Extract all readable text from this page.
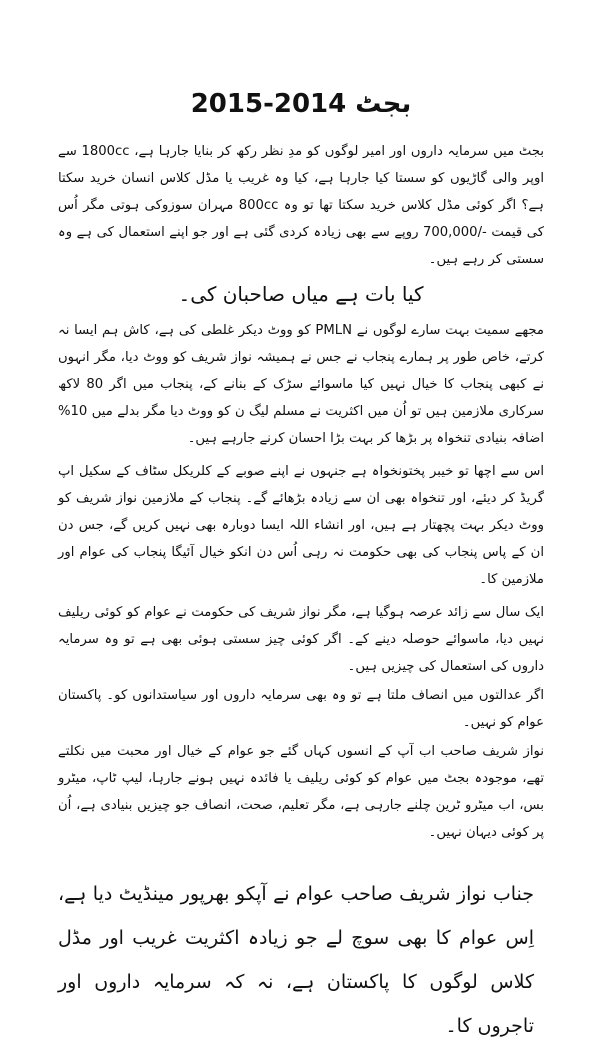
بجٹ 2014-2015

بجٹ میں سرمایہ داروں اور امیر لوگوں کو مدِ نظر رکھ کر بنایا جارہا ہے، 1800cc سے اوپر والی گاڑیوں کو سستا کیا جارہا ہے، کیا وہ غریب یا مڈل کلاس انسان خرید سکتا ہے؟ اگر کوئی مڈل کلاس خرید سکتا تھا تو وہ 800cc مہران سوزوکی ہوتی مگر اُس کی قیمت -/700,000 روپے سے بھی زیادہ کردی گئی ہے اور جو اپنے استعمال کی ہے وہ سستی کر رہے ہیں۔

کیا بات ہے میاں صاحبان کی۔

مجھے سمیت بہت سارے لوگوں نے PMLN کو ووٹ دیکر غلطی کی ہے، کاش ہم ایسا نہ کرتے، خاص طور پر ہمارے پنجاب نے جس نے ہمیشہ نواز شریف کو ووٹ دیا، مگر انہوں نے کبھی پنجاب کا خیال نہیں کیا ماسوائے سڑک کے بنانے کے، پنجاب میں اگر 80 لاکھ سرکاری ملازمین ہیں تو اُن میں اکثریت نے مسلم لیگ ن کو ووٹ دیا مگر بدلے میں 10% اضافہ بنیادی تنخواہ پر بڑھا کر بہت بڑا احسان کرنے جارہے ہیں۔

اس سے اچھا تو خیبر پختونخواہ ہے جنہوں نے اپنے صوبے کے کلریکل سٹاف کے سکیل اپ گریڈ کر دیئے، اور تنخواہ بھی ان سے زیادہ بڑھائے گے۔ پنجاب کے ملازمین نواز شریف کو ووٹ دیکر بہت پچھتار ہے ہیں، اور انشاء اللہ ایسا دوبارہ بھی نہیں کریں گے، جس دن ان کے پاس پنجاب کی بھی حکومت نہ رہی اُس دن انکو خیال آئیگا پنجاب کی عوام اور ملازمین کا۔

ایک سال سے زائد عرصہ ہوگیا ہے، مگر نواز شریف کی حکومت نے عوام کو کوئی ریلیف نہیں دیا، ماسوائے حوصلہ دینے کے۔ اگر کوئی چیز سستی ہوئی بھی ہے تو وہ سرمایہ داروں کی استعمال کی چیزیں ہیں۔

اگر عدالتوں میں انصاف ملتا ہے تو وہ بھی سرمایہ داروں اور سیاستدانوں کو۔ پاکستان عوام کو نہیں۔

نواز شریف صاحب اب آپ کے انسوں کہاں گئے جو عوام کے خیال اور محبت میں نکلتے تھے، موجودہ بجٹ میں عوام کو کوئی ریلیف یا فائدہ نہیں ہونے جارہا، لیپ ٹاپ، میٹرو بس، اب میٹرو ٹرین چلنے جارہی ہے، مگر تعلیم، صحت، انصاف جو چیزیں بنیادی ہے، اُن پر کوئی دیہان نہیں۔

جناب نواز شریف صاحب عوام نے آپکو بھرپور مینڈیٹ دیا ہے، اِس عوام کا بھی سوچ لے جو زیادہ اکثریت غریب اور مڈل کلاس لوگوں کا پاکستان ہے، نہ کہ سرمایہ داروں اور تاجروں کا۔
